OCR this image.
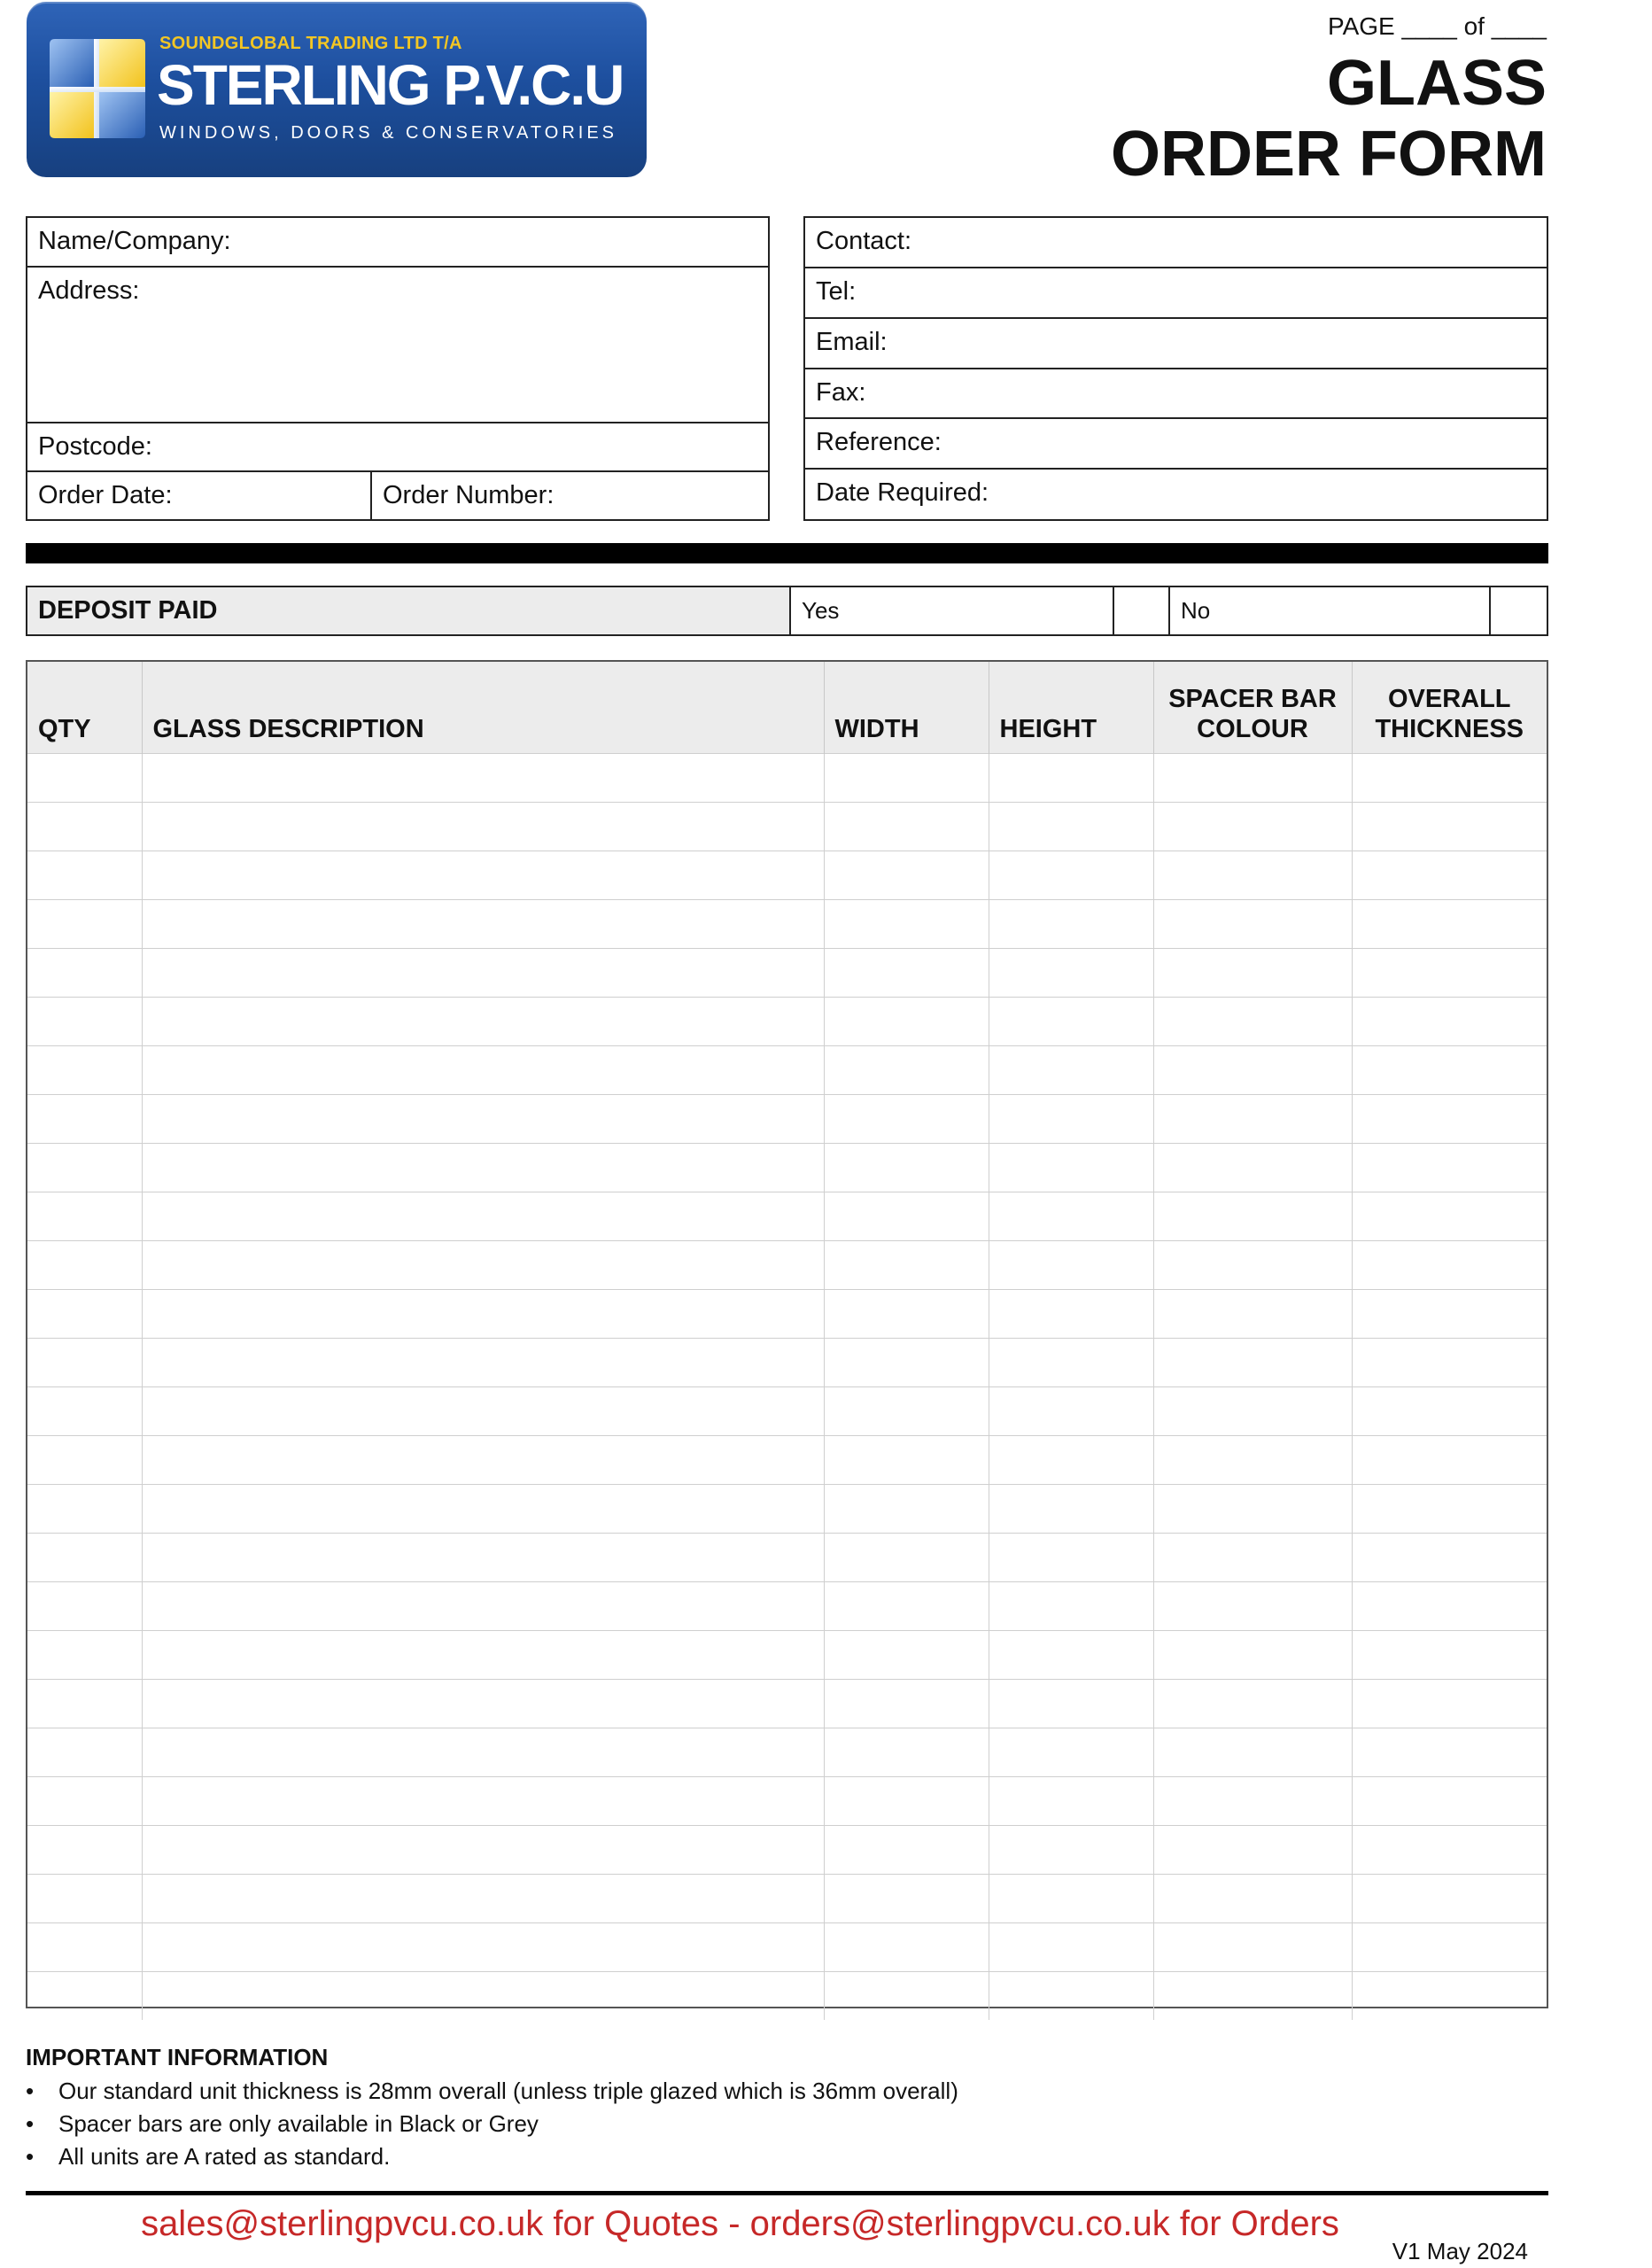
SOUNDGLOBAL TRADING LTD T/A
STERLING P.V.C.U
WINDOWS, DOORS & CONSERVATORIES
PAGE ____ of ____
GLASS
ORDER FORM
Name/Company:
Address:
Postcode:
Order Date:	Order Number:
Contact:
Tel:
Email:
Fax:
Reference:
Date Required:
DEPOSIT PAID	Yes	No
QTY	GLASS DESCRIPTION	WIDTH	HEIGHT	SPACER BAR COLOUR	OVERALL THICKNESS

IMPORTANT INFORMATION
• Our standard unit thickness is 28mm overall (unless triple glazed which is 36mm overall)
• Spacer bars are only available in Black or Grey
• All units are A rated as standard.
sales@sterlingpvcu.co.uk for Quotes - orders@sterlingpvcu.co.uk for Orders
V1 May 2024
